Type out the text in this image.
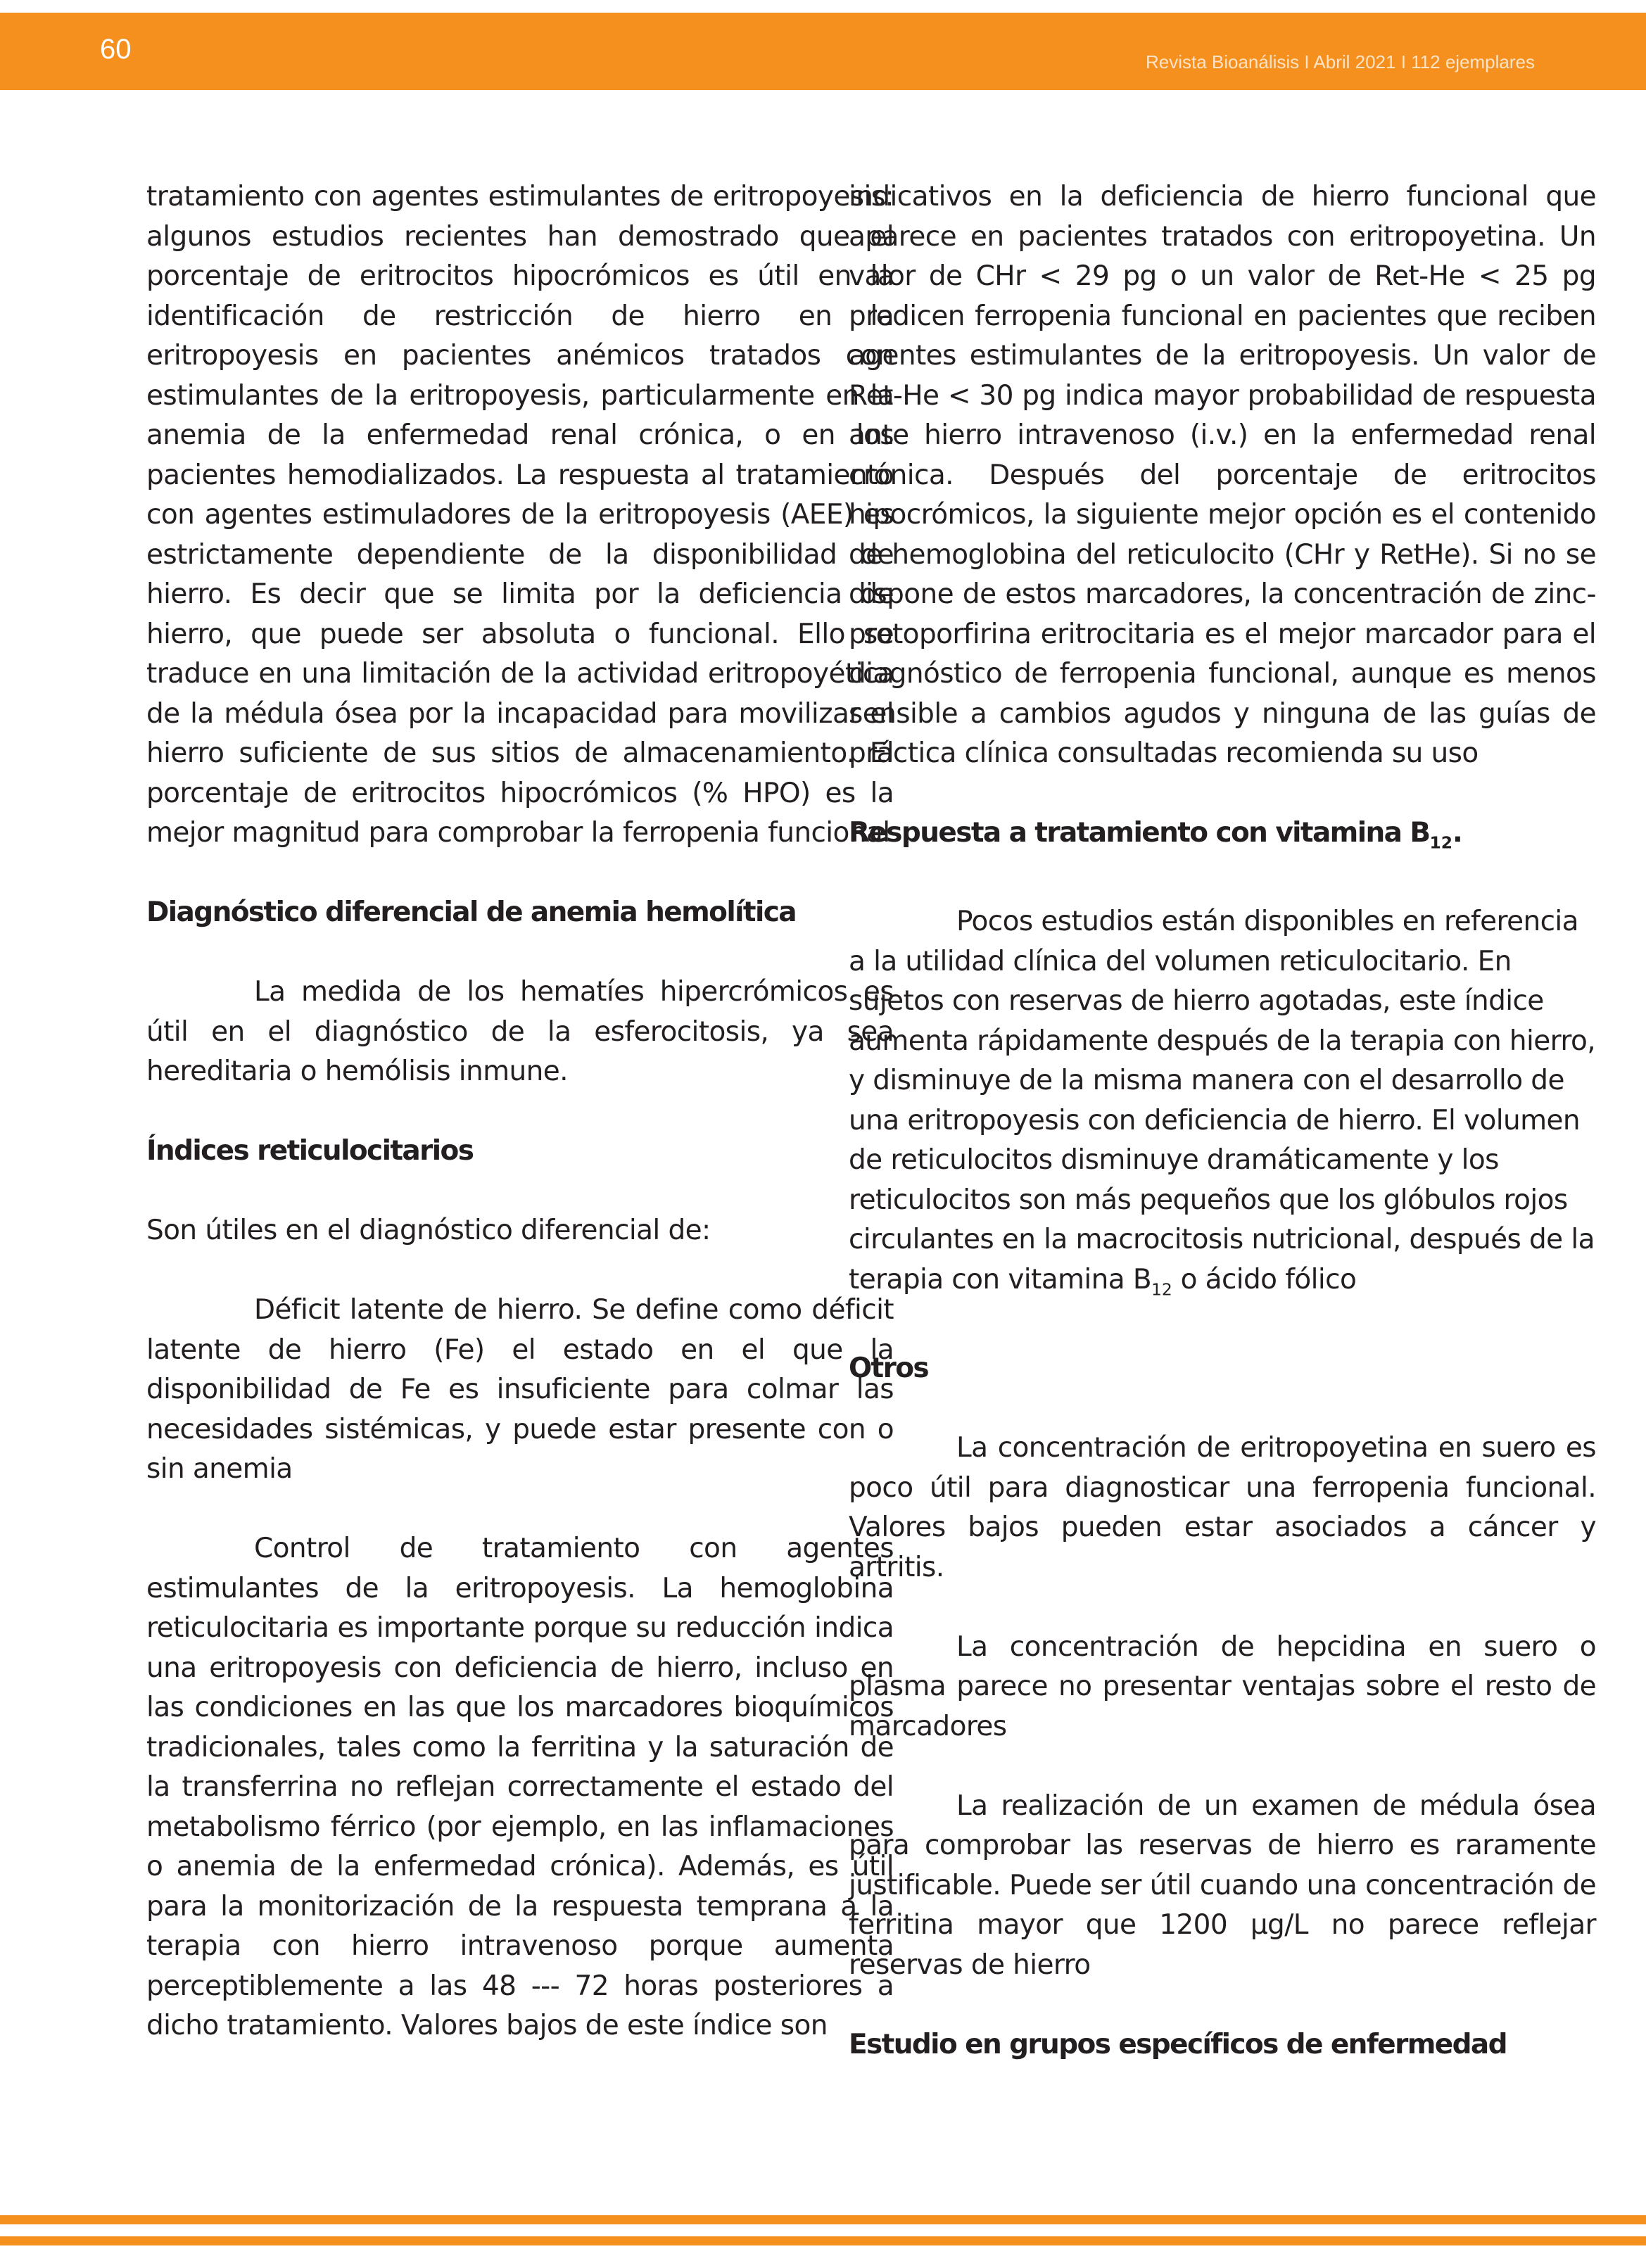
60	Revista Bioanálisis I Abril 2021 I 112 ejemplares

tratamiento con agentes estimulantes de eritropoyesis: algunos estudios recientes han demostrado que el porcentaje de eritrocitos hipocrómicos es útil en la identificación de restricción de hierro en la eritropoyesis en pacientes anémicos tratados con estimulantes de la eritropoyesis, particularmente en la anemia de la enfermedad renal crónica, o en los pacientes hemodializados. La respuesta al tratamiento con agentes estimuladores de la eritropoyesis (AEE) es estrictamente dependiente de la disponibilidad de hierro. Es decir que se limita por la deficiencia de hierro, que puede ser absoluta o funcional. Ello se traduce en una limitación de la actividad eritropoyética de la médula ósea por la incapacidad para movilizar el hierro suficiente de sus sitios de almacenamiento. El porcentaje de eritrocitos hipocrómicos (% HPO) es la mejor magnitud para comprobar la ferropenia funcional

Diagnóstico diferencial de anemia hemolítica

La medida de los hematíes hipercrómicos es útil en el diagnóstico de la esferocitosis, ya sea hereditaria o hemólisis inmune.

Índices reticulocitarios

Son útiles en el diagnóstico diferencial de:

Déficit latente de hierro. Se define como déficit latente de hierro (Fe) el estado en el que la disponibilidad de Fe es insuficiente para colmar las necesidades sistémicas, y puede estar presente con o sin anemia

Control de tratamiento con agentes estimulantes de la eritropoyesis. La hemoglobina reticulocitaria es importante porque su reducción indica una eritropoyesis con deficiencia de hierro, incluso en las condiciones en las que los marcadores bioquímicos tradicionales, tales como la ferritina y la saturación de la transferrina no reflejan correctamente el estado del metabolismo férrico (por ejemplo, en las inflamaciones o anemia de la enfermedad crónica). Además, es útil para la monitorización de la respuesta temprana a la terapia con hierro intravenoso porque aumenta perceptiblemente a las 48 --- 72 horas posteriores a dicho tratamiento. Valores bajos de este índice son

indicativos en la deficiencia de hierro funcional que aparece en pacientes tratados con eritropoyetina. Un valor de CHr < 29 pg o un valor de Ret-He < 25 pg predicen ferropenia funcional en pacientes que reciben agentes estimulantes de la eritropoyesis. Un valor de Ret-He < 30 pg indica mayor probabilidad de respuesta ante hierro intravenoso (i.v.) en la enfermedad renal crónica. Después del porcentaje de eritrocitos hipocrómicos, la siguiente mejor opción es el contenido de hemoglobina del reticulocito (CHr y RetHe). Si no se dispone de estos marcadores, la concentración de zinc-protoporfirina eritrocitaria es el mejor marcador para el diagnóstico de ferropenia funcional, aunque es menos sensible a cambios agudos y ninguna de las guías de práctica clínica consultadas recomienda su uso

Respuesta a tratamiento con vitamina $B_{12}$.

Pocos estudios están disponibles en referencia a la utilidad clínica del volumen reticulocitario. En sujetos con reservas de hierro agotadas, este índice aumenta rápidamente después de la terapia con hierro, y disminuye de la misma manera con el desarrollo de una eritropoyesis con deficiencia de hierro. El volumen de reticulocitos disminuye dramáticamente y los reticulocitos son más pequeños que los glóbulos rojos circulantes en la macrocitosis nutricional, después de la terapia con vitamina $B_{12}$ o ácido fólico

Otros

La concentración de eritropoyetina en suero es poco útil para diagnosticar una ferropenia funcional. Valores bajos pueden estar asociados a cáncer y artritis.

La concentración de hepcidina en suero o plasma parece no presentar ventajas sobre el resto de marcadores

La realización de un examen de médula ósea para comprobar las reservas de hierro es raramente justificable. Puede ser útil cuando una concentración de ferritina mayor que 1200 µg/L no parece reflejar reservas de hierro

Estudio en grupos específicos de enfermedad
